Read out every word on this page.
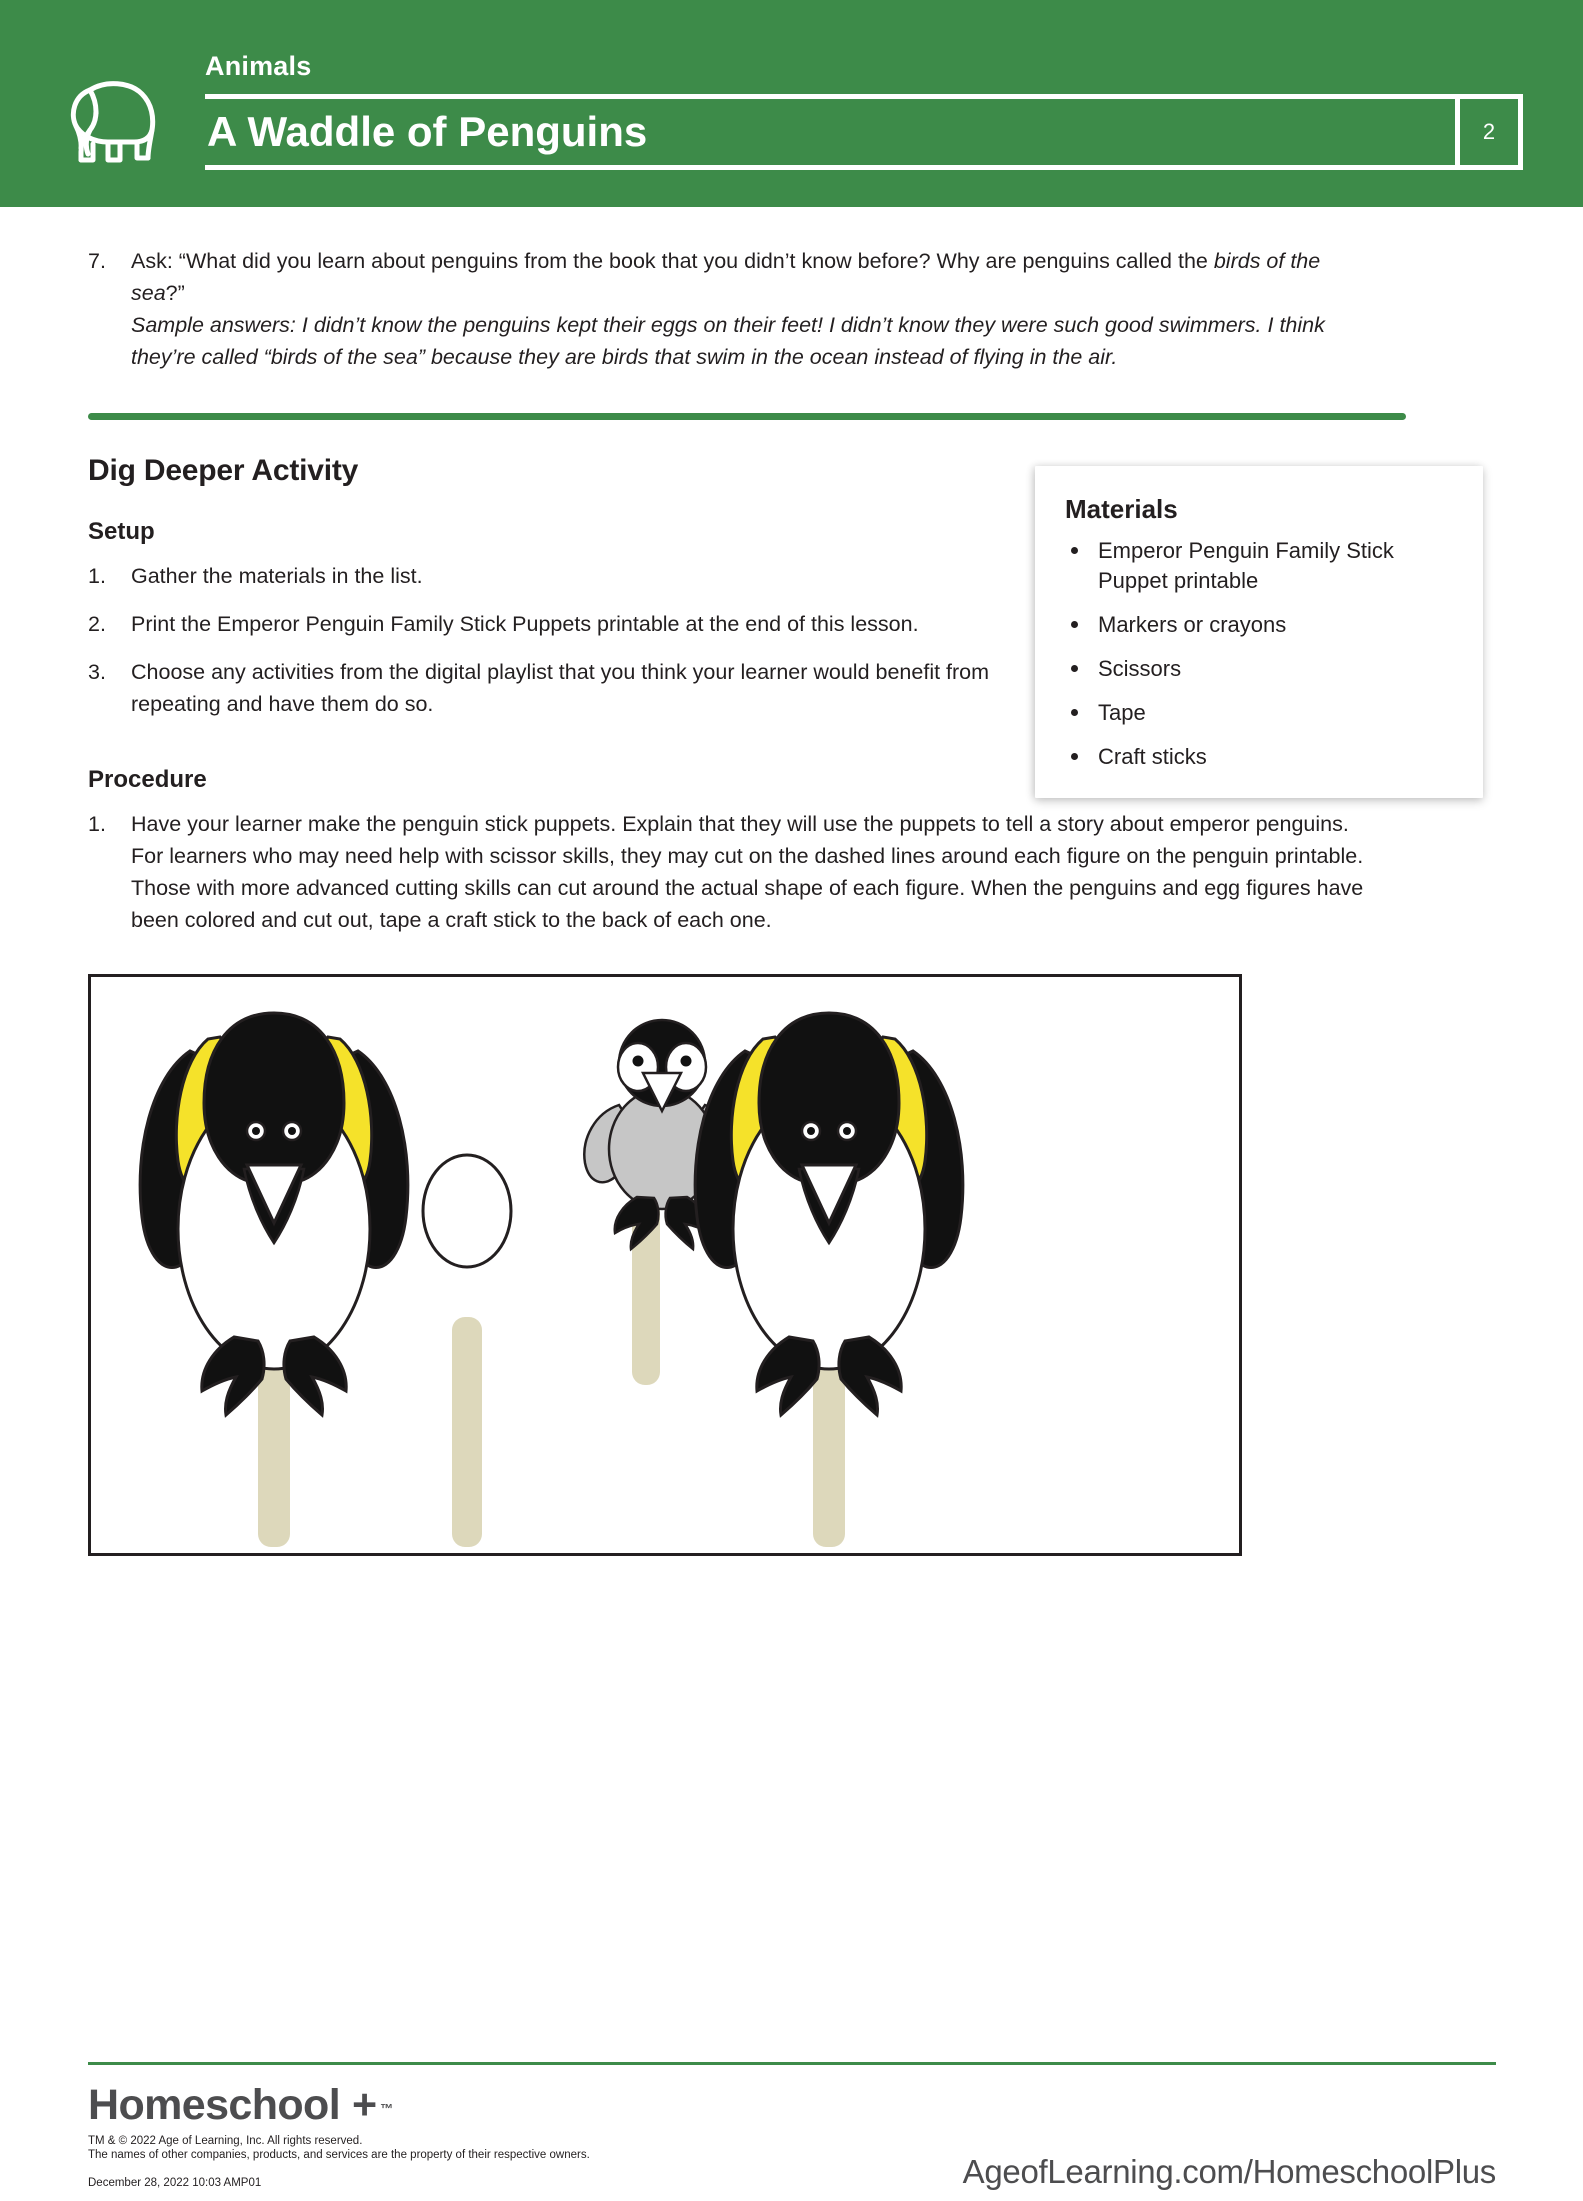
Animals
A Waddle of Penguins	2
7.	Ask: “What did you learn about penguins from the book that you didn’t know before? Why are penguins called the birds of the sea?”

Sample answers: I didn’t know the penguins kept their eggs on their feet! I didn’t know they were such good swimmers. I think they’re called “birds of the sea” because they are birds that swim in the ocean instead of flying in the air.

Dig Deeper Activity
Setup
1. Gather the materials in the list.
2. Print the Emperor Penguin Family Stick Puppets printable at the end of this lesson.
3. Choose any activities from the digital playlist that you think your learner would benefit from repeating and have them do so.
Procedure
1. Have your learner make the penguin stick puppets. Explain that they will use the puppets to tell a story about emperor penguins. For learners who may need help with scissor skills, they may cut on the dashed lines around each figure on the penguin printable. Those with more advanced cutting skills can cut around the actual shape of each figure. When the penguins and egg figures have been colored and cut out, tape a craft stick to the back of each one.
Materials
Emperor Penguin Family Stick Puppet printable
Markers or crayons
Scissors
Tape
Craft sticks
Homeschool + ™
TM & © 2022 Age of Learning, Inc. All rights reserved.
The names of other companies, products, and services are the property of their respective owners.
December 28, 2022 10:03 AMP01	AgeofLearning.com/HomeschoolPlus
